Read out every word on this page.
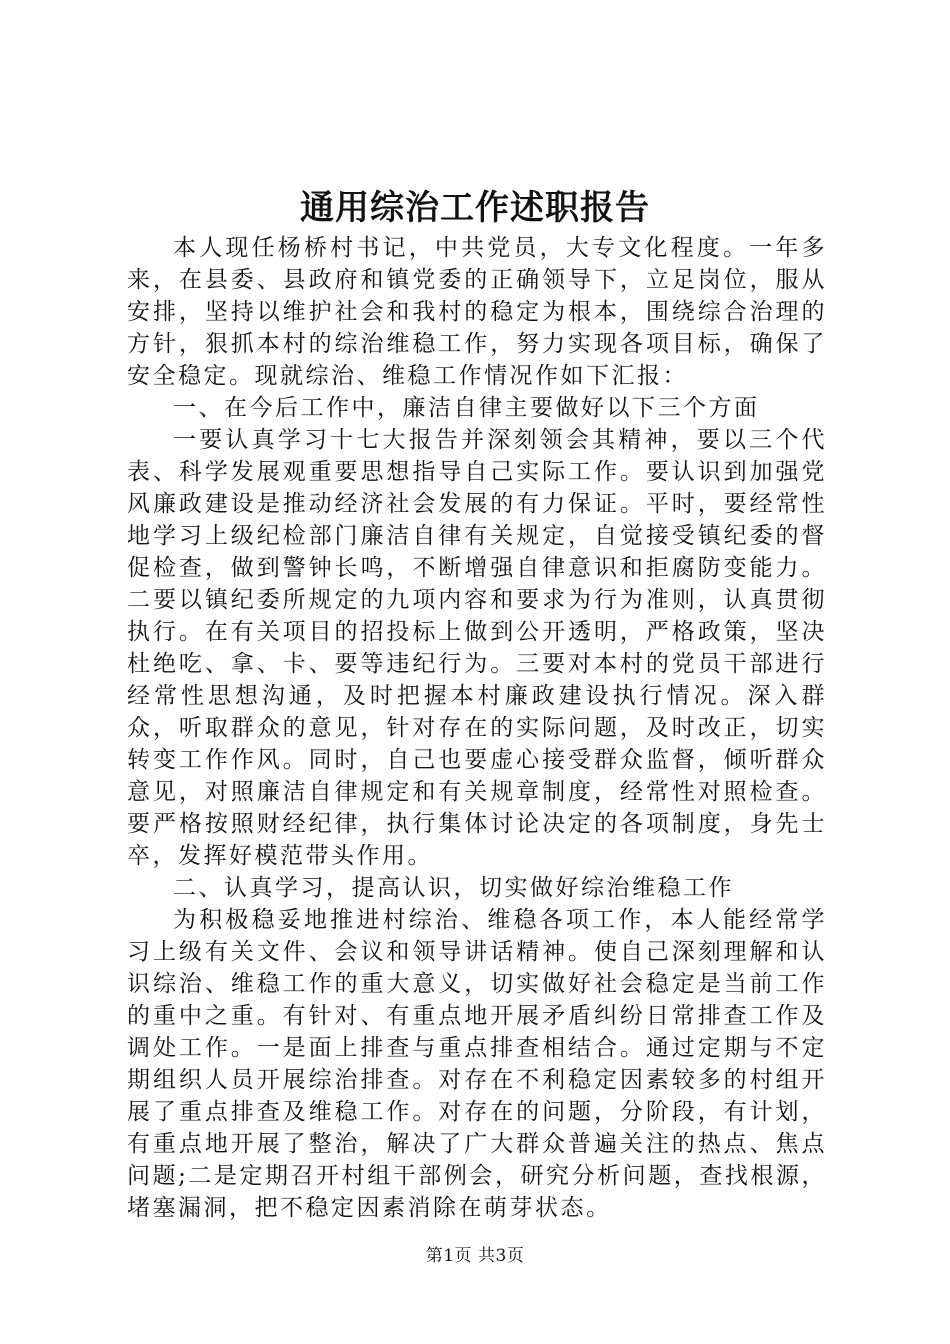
通用综治工作述职报告

本人现任杨桥村书记，中共党员，大专文化程度。一年多来，在县委、县政府和镇党委的正确领导下，立足岗位，服从安排，坚持以维护社会和我村的稳定为根本，围绕综合治理的方针，狠抓本村的综治维稳工作，努力实现各项目标，确保了安全稳定。现就综治、维稳工作情况作如下汇报：

一、在今后工作中，廉洁自律主要做好以下三个方面

一要认真学习十七大报告并深刻领会其精神，要以三个代表、科学发展观重要思想指导自己实际工作。要认识到加强党风廉政建设是推动经济社会发展的有力保证。平时，要经常性地学习上级纪检部门廉洁自律有关规定，自觉接受镇纪委的督促检查，做到警钟长鸣，不断增强自律意识和拒腐防变能力。二要以镇纪委所规定的九项内容和要求为行为准则，认真贯彻执行。在有关项目的招投标上做到公开透明，严格政策，坚决杜绝吃、拿、卡、要等违纪行为。三要对本村的党员干部进行经常性思想沟通，及时把握本村廉政建设执行情况。深入群众，听取群众的意见，针对存在的实际问题，及时改正，切实转变工作作风。同时，自己也要虚心接受群众监督，倾听群众意见，对照廉洁自律规定和有关规章制度，经常性对照检查。要严格按照财经纪律，执行集体讨论决定的各项制度，身先士卒，发挥好模范带头作用。

二、认真学习，提高认识，切实做好综治维稳工作

为积极稳妥地推进村综治、维稳各项工作，本人能经常学习上级有关文件、会议和领导讲话精神。使自己深刻理解和认识综治、维稳工作的重大意义，切实做好社会稳定是当前工作的重中之重。有针对、有重点地开展矛盾纠纷日常排查工作及调处工作。一是面上排查与重点排查相结合。通过定期与不定期组织人员开展综治排查。对存在不利稳定因素较多的村组开展了重点排查及维稳工作。对存在的问题，分阶段，有计划，有重点地开展了整治，解决了广大群众普遍关注的热点、焦点问题;二是定期召开村组干部例会，研究分析问题，查找根源，堵塞漏洞，把不稳定因素消除在萌芽状态。

第1页 共3页
